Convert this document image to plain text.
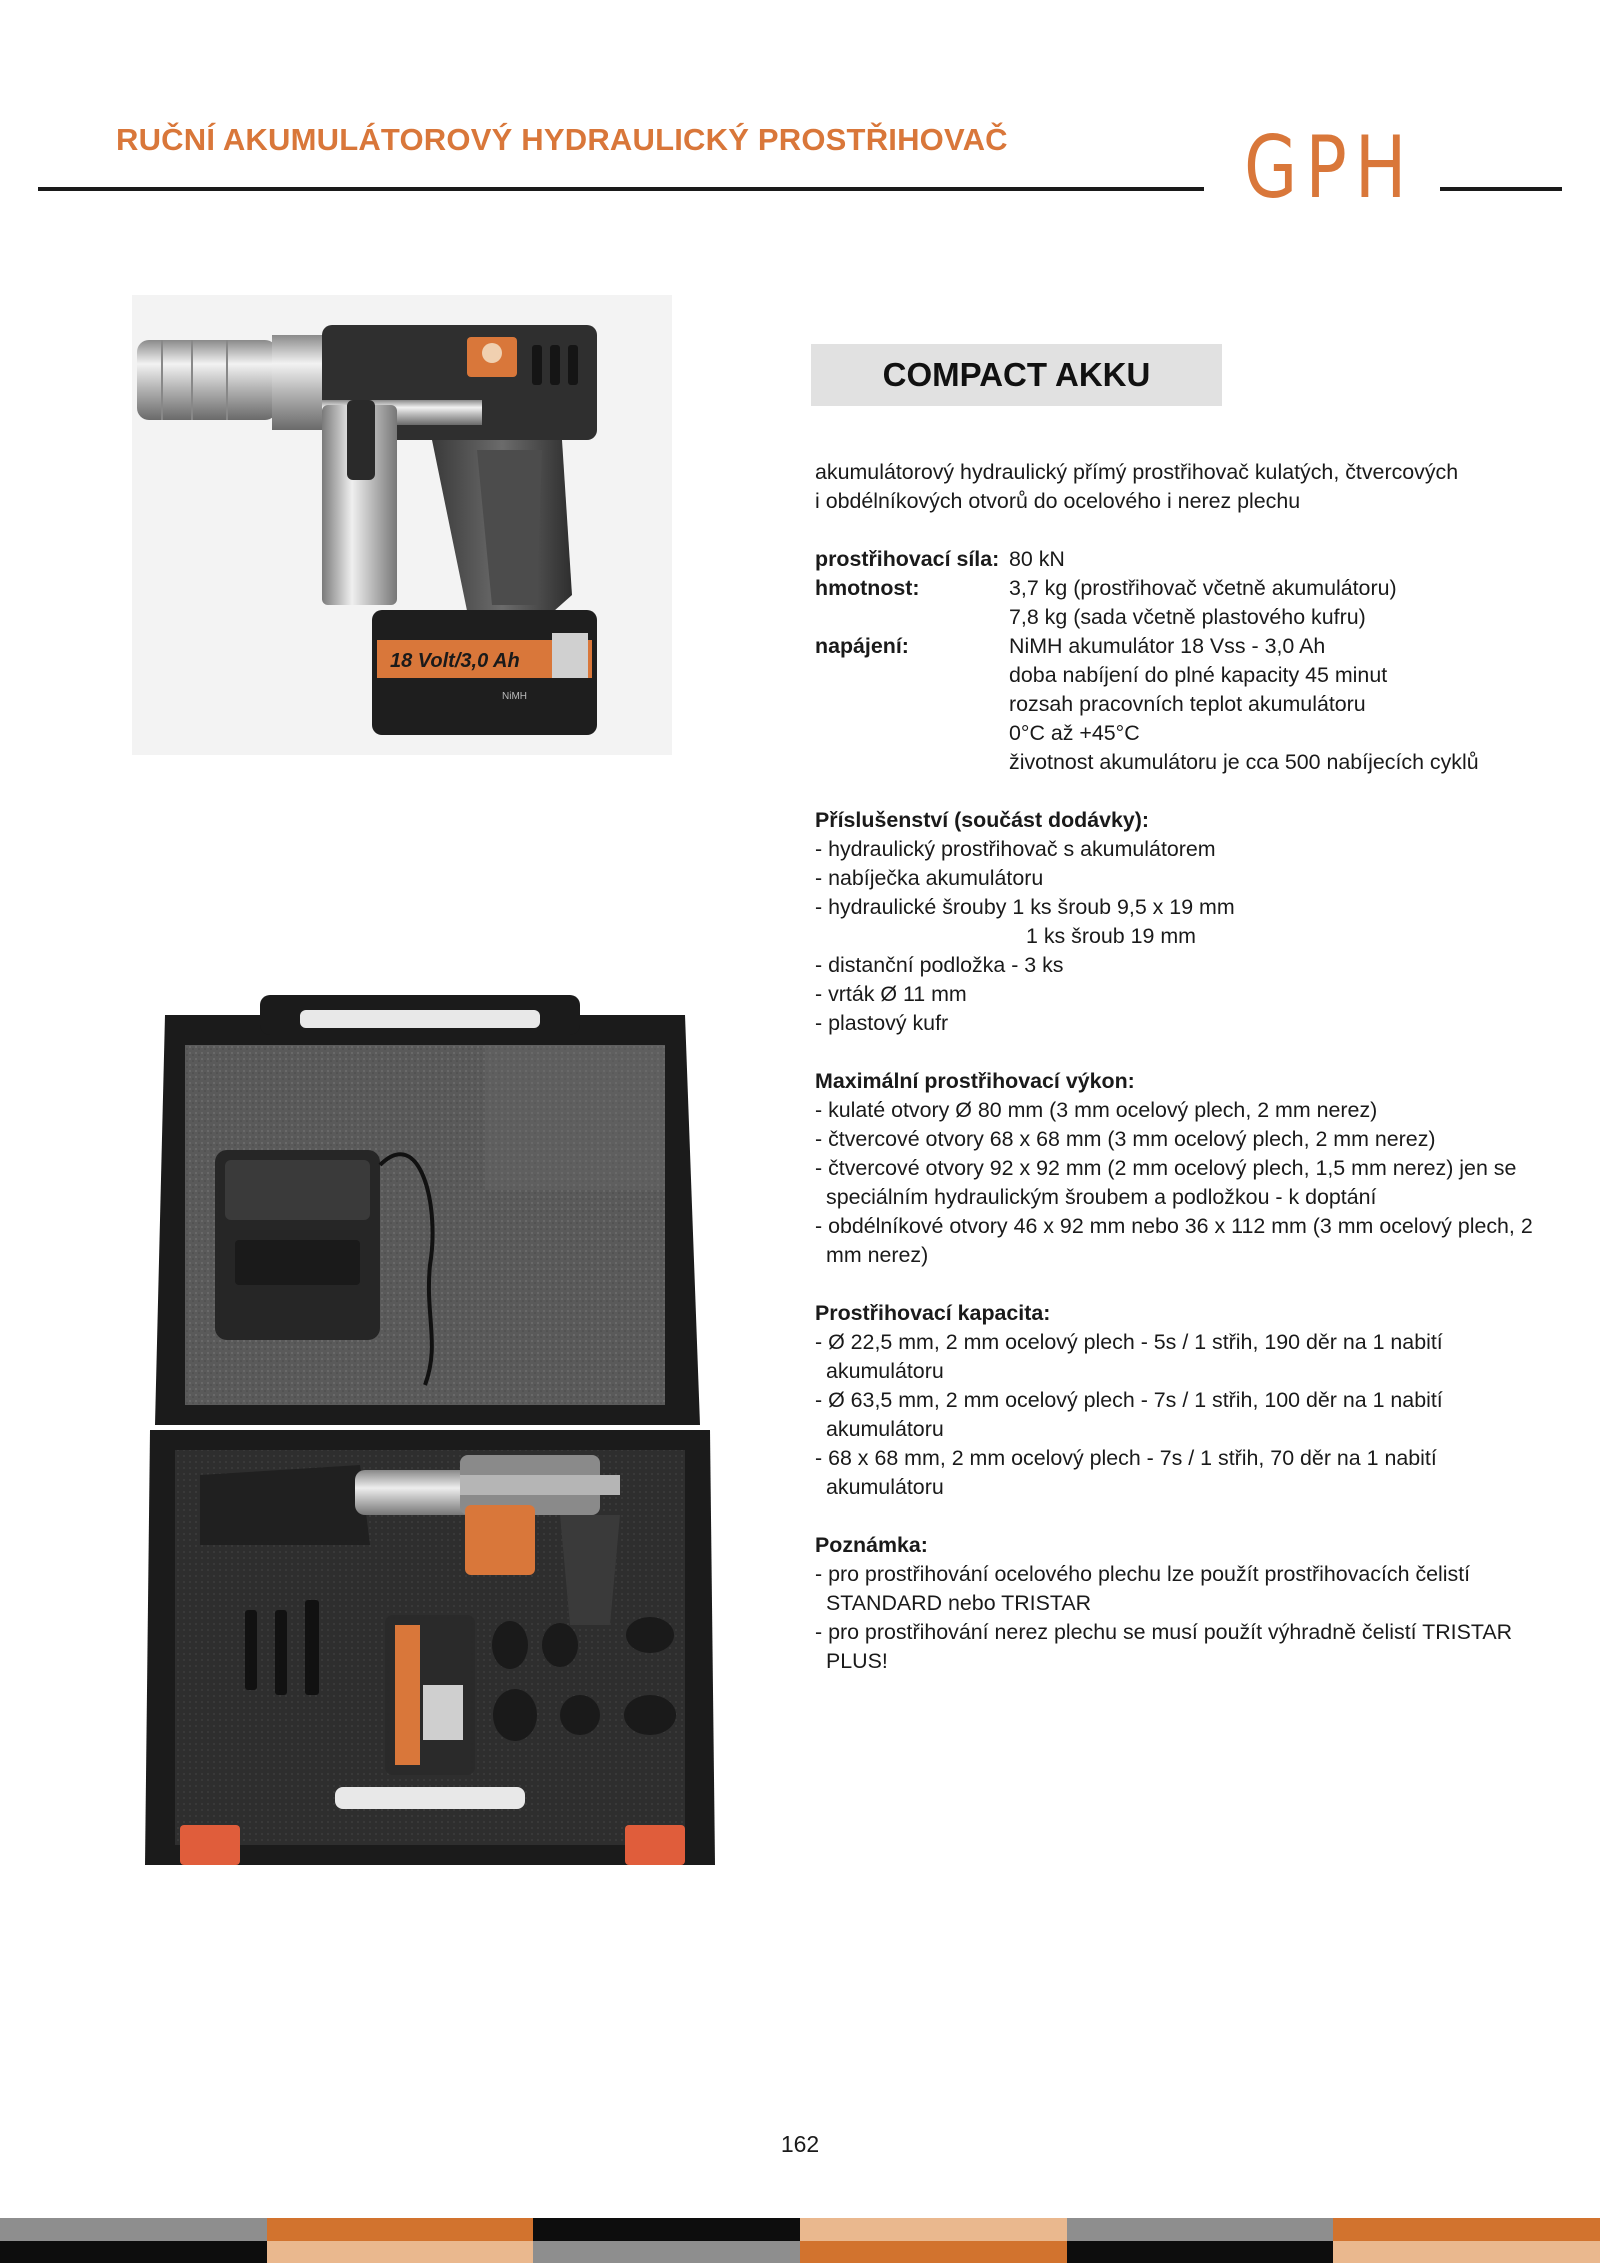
RUČNÍ AKUMULÁTOROVÝ HYDRAULICKÝ PROSTŘIHOVAČ	GPH
18 Volt/3,0 Ah
NiMH
COMPACT AKKU

akumulátorový hydraulický přímý prostřihovač kulatých, čtvercových

i obdélníkových otvorů do ocelového i nerez plechu

prostřihovací síla: 80 kN
hmotnost:	3,7 kg (prostřihovač včetně akumulátoru)
7,8 kg (sada včetně plastového kufru)
napájení:	NiMH akumulátor 18 Vss - 3,0 Ah
doba nabíjení do plné kapacity 45 minut
rozsah pracovních teplot akumulátoru
0°C až +45°C
životnost akumulátoru je cca 500 nabíjecích cyklů

Příslušenství (součást dodávky):

- hydraulický prostřihovač s akumulátorem

- nabíječka akumulátoru

- hydraulické šrouby 1 ks šroub 9,5 x 19 mm

1 ks šroub 19 mm

- distanční podložka - 3 ks

- vrták Ø 11 mm

- plastový kufr

Maximální prostřihovací výkon:

- kulaté otvory Ø 80 mm (3 mm ocelový plech, 2 mm nerez)

- čtvercové otvory 68 x 68 mm (3 mm ocelový plech, 2 mm nerez)

- čtvercové otvory 92 x 92 mm (2 mm ocelový plech, 1,5 mm nerez) jen se speciálním hydraulickým šroubem a podložkou - k doptání

- obdélníkové otvory 46 x 92 mm nebo 36 x 112 mm (3 mm ocelový plech, 2 mm nerez)

Prostřihovací kapacita:

- Ø 22,5 mm, 2 mm ocelový plech - 5s / 1 střih, 190 děr na 1 nabití akumulátoru

- Ø 63,5 mm, 2 mm ocelový plech - 7s / 1 střih, 100 děr na 1 nabití akumulátoru

- 68 x 68 mm, 2 mm ocelový plech - 7s / 1 střih, 70 děr na 1 nabití akumulátoru

Poznámka:

- pro prostřihování ocelového plechu lze použít prostřihovacích čelistí STANDARD nebo TRISTAR

- pro prostřihování nerez plechu se musí použít výhradně čelistí TRISTAR PLUS!

162
